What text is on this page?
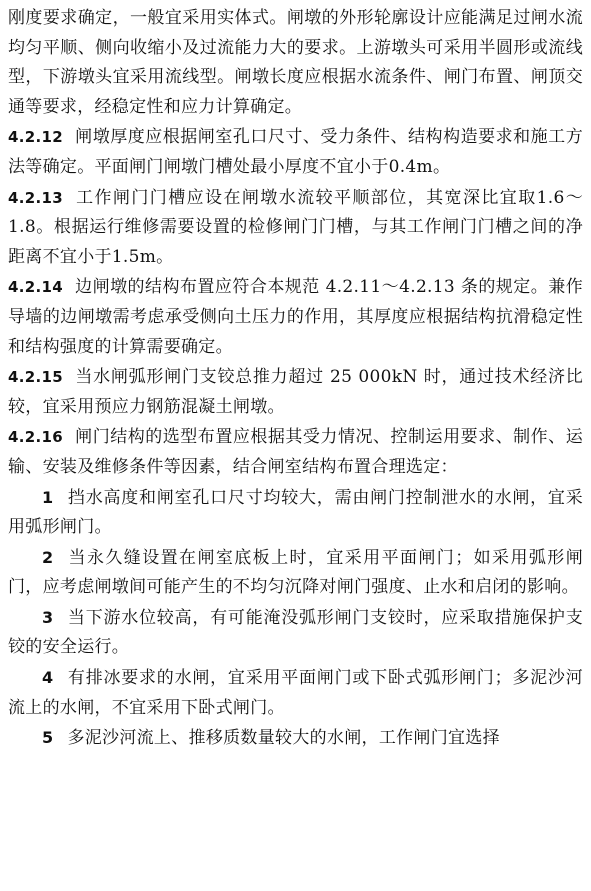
刚度要求确定，一般宜采用实体式。闸墩的外形轮廓设计应能满足过闸水流均匀平顺、侧向收缩小及过流能力大的要求。上游墩头可采用半圆形或流线型，下游墩头宜采用流线型。闸墩长度应根据水流条件、闸门布置、闸顶交通等要求，经稳定性和应力计算确定。

4.2.12 闸墩厚度应根据闸室孔口尺寸、受力条件、结构构造要求和施工方法等确定。平面闸门闸墩门槽处最小厚度不宜小于0.4m。

4.2.13 工作闸门门槽应设在闸墩水流较平顺部位，其宽深比宜取1.6～1.8。根据运行维修需要设置的检修闸门门槽，与其工作闸门门槽之间的净距离不宜小于1.5m。

4.2.14 边闸墩的结构布置应符合本规范 4.2.11～4.2.13 条的规定。兼作导墙的边闸墩需考虑承受侧向土压力的作用，其厚度应根据结构抗滑稳定性和结构强度的计算需要确定。

4.2.15 当水闸弧形闸门支铰总推力超过 25 000kN 时，通过技术经济比较，宜采用预应力钢筋混凝土闸墩。

4.2.16 闸门结构的选型布置应根据其受力情况、控制运用要求、制作、运输、安装及维修条件等因素，结合闸室结构布置合理选定：

1 挡水高度和闸室孔口尺寸均较大，需由闸门控制泄水的水闸，宜采用弧形闸门。

2 当永久缝设置在闸室底板上时，宜采用平面闸门；如采用弧形闸门，应考虑闸墩间可能产生的不均匀沉降对闸门强度、止水和启闭的影响。

3 当下游水位较高，有可能淹没弧形闸门支铰时，应采取措施保护支铰的安全运行。

4 有排冰要求的水闸，宜采用平面闸门或下卧式弧形闸门；多泥沙河流上的水闸，不宜采用下卧式闸门。

5 多泥沙河流上、推移质数量较大的水闸，工作闸门宜选择
